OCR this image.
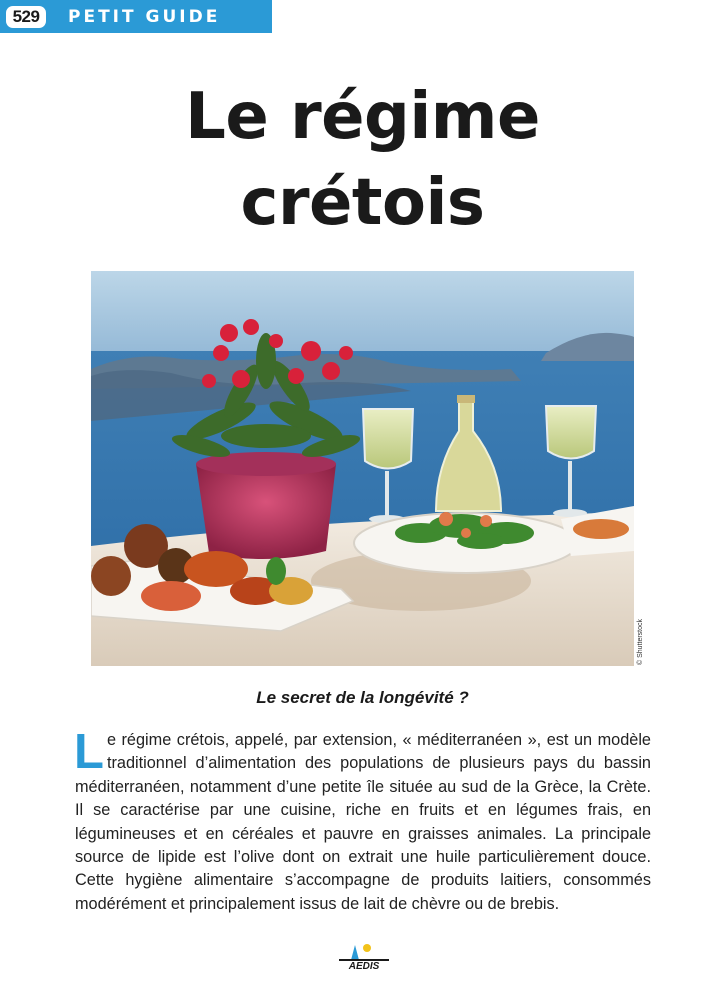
529	PETIT GUIDE
Le régime
crétois
© Shutterstock
Le secret de la longévité ?

Le régime crétois, appelé, par extension, « méditerranéen », est un modèle traditionnel d’alimentation des populations de plusieurs pays du bassin méditerranéen, notamment d’une petite île située au sud de la Grèce, la Crète. Il se caractérise par une cuisine, riche en fruits et en légumes frais, en légumineuses et en céréales et pauvre en graisses animales. La principale source de lipide est l’olive dont on extrait une huile particulièrement douce. Cette hygiène alimentaire s’accompagne de produits laitiers, consommés modérément et principalement issus de lait de chèvre ou de brebis.

AEDIS
